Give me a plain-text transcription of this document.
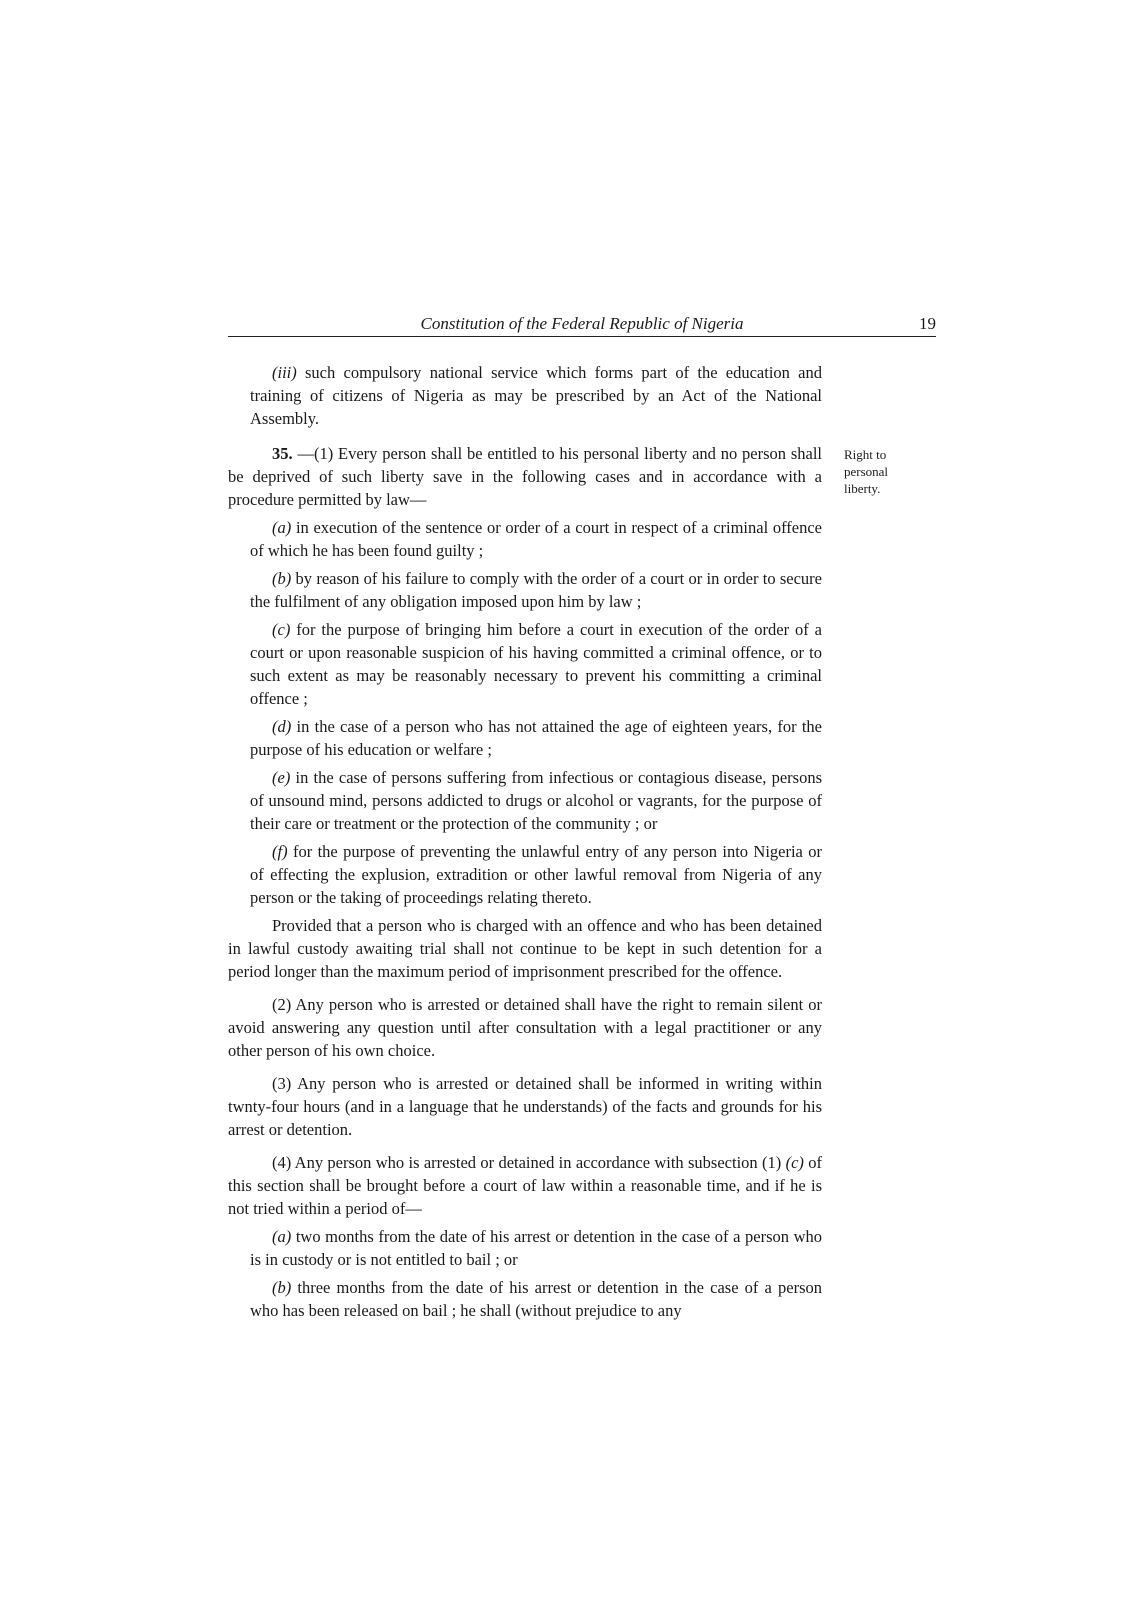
Constitution of the Federal Republic of Nigeria	19
Right to
personal
liberty.

(iii) such compulsory national service which forms part of the education and training of citizens of Nigeria as may be prescribed by an Act of the National Assembly.

35. —(1) Every person shall be entitled to his personal liberty and no person shall be deprived of such liberty save in the following cases and in accordance with a procedure permitted by law—

(a) in execution of the sentence or order of a court in respect of a criminal offence of which he has been found guilty ;

(b) by reason of his failure to comply with the order of a court or in order to secure the fulfilment of any obligation imposed upon him by law ;

(c) for the purpose of bringing him before a court in execution of the order of a court or upon reasonable suspicion of his having committed a criminal offence, or to such extent as may be reasonably necessary to prevent his committing a criminal offence ;

(d) in the case of a person who has not attained the age of eighteen years, for the purpose of his education or welfare ;

(e) in the case of persons suffering from infectious or contagious disease, persons of unsound mind, persons addicted to drugs or alcohol or vagrants, for the purpose of their care or treatment or the protection of the community ; or

(f) for the purpose of preventing the unlawful entry of any person into Nigeria or of effecting the explusion, extradition or other lawful removal from Nigeria of any person or the taking of proceedings relating thereto.

Provided that a person who is charged with an offence and who has been detained in lawful custody awaiting trial shall not continue to be kept in such detention for a period longer than the maximum period of imprisonment prescribed for the offence.

(2) Any person who is arrested or detained shall have the right to remain silent or avoid answering any question until after consultation with a legal practitioner or any other person of his own choice.

(3) Any person who is arrested or detained shall be informed in writing within twnty-four hours (and in a language that he understands) of the facts and grounds for his arrest or detention.

(4) Any person who is arrested or detained in accordance with subsection (1) (c) of this section shall be brought before a court of law within a reasonable time, and if he is not tried within a period of—

(a) two months from the date of his arrest or detention in the case of a person who is in custody or is not entitled to bail ; or

(b) three months from the date of his arrest or detention in the case of a person who has been released on bail ; he shall (without prejudice to any
